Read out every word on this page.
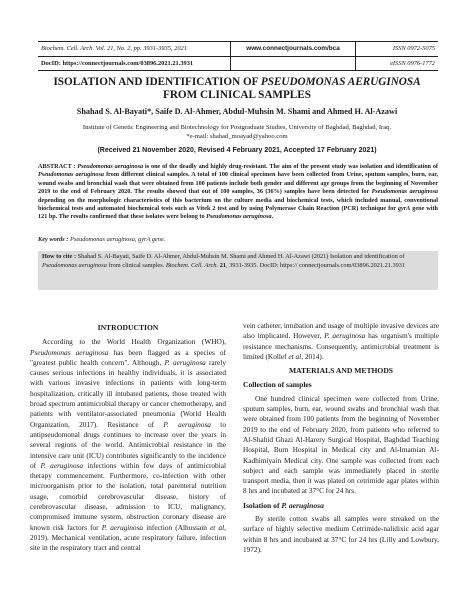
Biochem. Cell. Arch. Vol. 21, No. 2, pp. 3931-3935, 2021	www.connectjournals.com/bca	ISSN 0972-5075
DocID: https://connectjournals.com/03896.2021.21.3931	eISSN 0976-1772
ISOLATION AND IDENTIFICATION OF PSEUDOMONAS AERUGINOSA
FROM CLINICAL SAMPLES
Shahad S. Al-Bayati*, Saife D. Al-Ahmer, Abdul-Muhsin M. Shami and Ahmed H. Al-Azawi
Institute of Genetic Engineering and Biotechnology for Postgraduate Studies, University of Baghdad, Baghdad, Iraq.
*e-mail: shahad_moayad@yahoo.com
(Received 21 November 2020, Revised 4 February 2021, Accepted 17 February 2021)
ABSTRACT : Pseudomonas aeruginosa is one of the deadly and highly drug-resistant. The aim of the present study was isolation and identification of Pseudomonas aeruginosa from different clinical samples. A total of 100 clinical specimen have been collected from Urine, sputum samples, burn, ear, wound swabs and bronchial wash that were obtained from 100 patients include both gender and different age groups from the beginning of November 2019 to the end of February 2020. The results showed that out of 100 samples, 36 (36%) samples have been detected for Pseudomonas aeruginosa depending on the morphologic characteristics of this bacterium on the culture media and biochemical tests, which included manual, conventional biochemical tests and automated biochemical tests such as Vitek 2 test and by using Polymerase Chain Reaction (PCR) technique for gyrA gene with 121 bp. The results confirmed that these isolates were belong to Pseudomonas aeruginosa.
Key words : Pseudomonas aeruginosa, gyrA gene.
How to cite : Shahad S. Al-Bayati, Saife D. Al-Ahmer, Abdul-Muhsin M. Shami and Ahmed H. Al-Azawi (2021) Isolation and identification of Pseudomonas aeruginosa from clinical samples. Biochem. Cell. Arch. 21, 3931-3935. DocID: https:// connectjournals.com/03896.2021.21.3931
INTRODUCTION

According to the World Health Organization (WHO), Pseudomonas aeruginosa has been flagged as a species of "greatest public health concern". Although, P. aeruginosa rarely causes serious infections in healthy individuals, it is associated with various invasive infections in patients with long-term hospitalization, critically ill intubated patients, those treated with broad spectrum antimicrobial therapy or cancer chemotherapy, and patients with ventilator-associated pneumonia (World Health Organization, 2017). Resistance of P. aeruginosa to antipseudomonal drugs continues to increase over the years in several regions of the world. Antimicrobial resistance in the intensive care unit (ICU) contributes significantly to the incidence of P. aeruginosa infections within few days of antimicrobial therapy commencement. Furthermore, co-infection with other microorganism prior to the isolation, total parenteral nutrition usage, comorbid cerebrovascular disease, history of cerebrovascular disease, admission to ICU, malignancy, compromised immune system, obstruction coronary disease are known risk factors for P. aeruginosa infection (Alhussain et al, 2019). Mechanical ventilation, acute respiratory failure, infection site in the respiratory tract and central

vein catheter, intubation and usage of multiple invasive devices are also implicated. However, P. aeruginosa has organism's multiple resistance mechanisms. Consequently, antimicrobial treatment is limited (Kollef et al, 2014).

MATERIALS AND METHODS
Collection of samples

One hundred clinical specimen were collected from Urine, sputum samples, burn, ear, wound swabs and bronchial wash that were obtained from 100 patients from the beginning of November 2019 to the end of February 2020, from patients who referred to Al-Shahid Ghazi Al-Harery Surgical Hospital, Baghdad Teaching Hospital, Burn Hospital in Medical city and Al-Imamian Al-Kadhimiyain Medical city. One sample was collected from each subject and each sample was immediately placed in sterile transport media, then it was plated on cetrimide agar plates within 8 hrs and incubated at 37°C for 24 hrs.

Isolation of P. aeruginosa

By sterile cotton swabs all samples were streaked on the surface of highly selective medium Cetrimide-nalidixic acid agar within 8 hrs and incubated at 37°C for 24 hrs (Lilly and Lowbury, 1972).
